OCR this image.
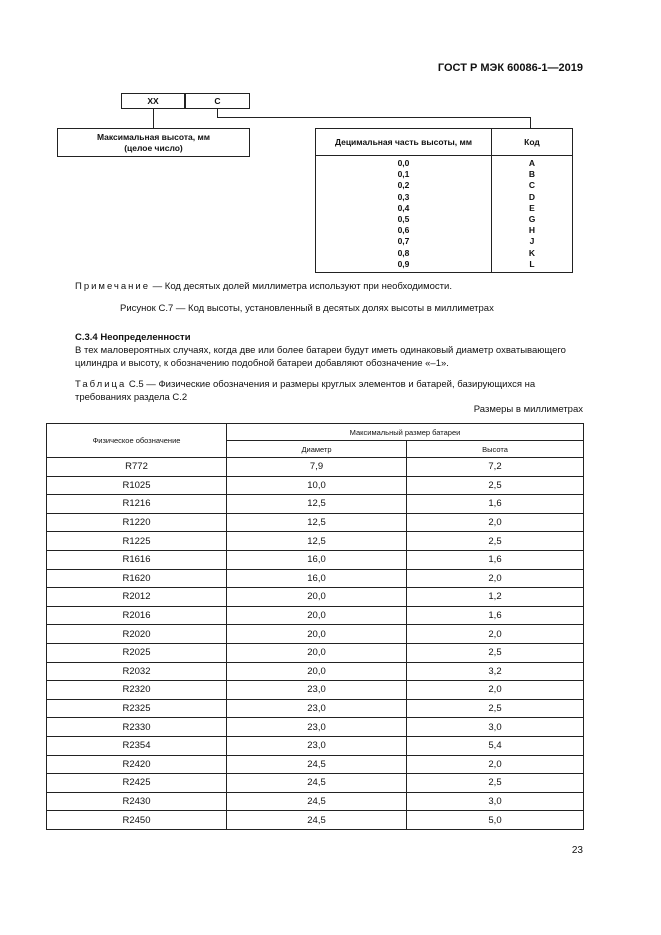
ГОСТ Р МЭК 60086-1—2019
XX	C
Максимальная высота, мм
(целое число)
Децимальная часть высоты, мм	Код
0,0	A
0,1	B
0,2	C
0,3	D
0,4	E
0,5	G
0,6	H
0,7	J
0,8	K
0,9	L
Примечание — Код десятых долей миллиметра используют при необходимости.
Рисунок С.7 — Код высоты, установленный в десятых долях высоты в миллиметрах
С.3.4 Неопределенности
В тех маловероятных случаях, когда две или более батареи будут иметь одинаковый диаметр охватывающего цилиндра и высоту, к обозначению подобной батареи добавляют обозначение «–1».
Таблица С.5 — Физические обозначения и размеры круглых элементов и батарей, базирующихся на требованиях раздела С.2
Размеры в миллиметрах
Физическое обозначение	Максимальный размер батареи	
	Диаметр	Высота
R772	7,9	7,2
R1025	10,0	2,5
R1216	12,5	1,6
R1220	12,5	2,0
R1225	12,5	2,5
R1616	16,0	1,6
R1620	16,0	2,0
R2012	20,0	1,2
R2016	20,0	1,6
R2020	20,0	2,0
R2025	20,0	2,5
R2032	20,0	3,2
R2320	23,0	2,0
R2325	23,0	2,5
R2330	23,0	3,0
R2354	23,0	5,4
R2420	24,5	2,0
R2425	24,5	2,5
R2430	24,5	3,0
R2450	24,5	5,0
23
